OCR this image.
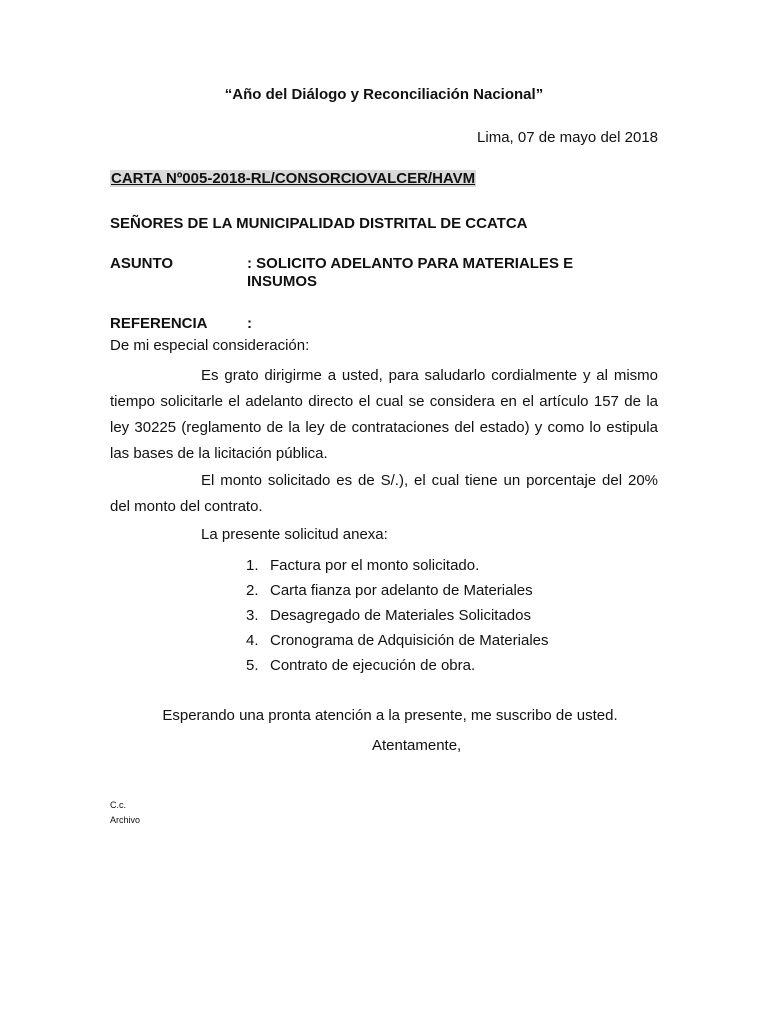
“Año del Diálogo y Reconciliación Nacional”
Lima, 07 de mayo del 2018
CARTA Nº005-2018-RL/CONSORCIOVALCER/HAVM
SEÑORES DE LA MUNICIPALIDAD DISTRITAL DE CCATCA
ASUNTO	: SOLICITO ADELANTO PARA MATERIALES E INSUMOS
REFERENCIA	:
De mi especial consideración:

Es grato dirigirme a usted, para saludarlo cordialmente y al mismo tiempo solicitarle el adelanto directo el cual se considera en el artículo 157 de la ley 30225 (reglamento de la ley de contrataciones del estado) y como lo estipula las bases de la licitación pública.

El monto solicitado es de S/.), el cual tiene un porcentaje del 20% del monto del contrato.

La presente solicitud anexa:

1. Factura por el monto solicitado.
2. Carta fianza por adelanto de Materiales
3. Desagregado de Materiales Solicitados
4. Cronograma de Adquisición de Materiales
5. Contrato de ejecución de obra.
Esperando una pronta atención a la presente, me suscribo de usted.
Atentamente,
C.c.
Archivo
